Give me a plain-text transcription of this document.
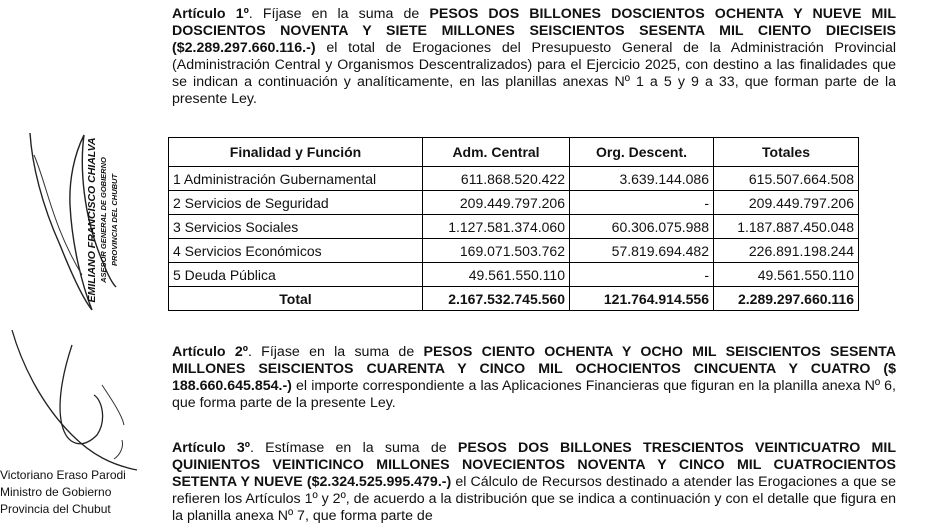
EMILIANO FRANCISCO CHIALVA ASESOR GENERAL DE GOBIERNO PROVINCIA DEL CHUBUT
Victoriano Eraso Parodi
Ministro de Gobierno
Provincia del Chubut
Artículo 1º. Fíjase en la suma de PESOS DOS BILLONES DOSCIENTOS OCHENTA Y NUEVE MIL DOSCIENTOS NOVENTA Y SIETE MILLONES SEISCIENTOS SESENTA MIL CIENTO DIECISEIS ($2.289.297.660.116.-) el total de Erogaciones del Presupuesto General de la Administración Provincial (Administración Central y Organismos Descentralizados) para el Ejercicio 2025, con destino a las finalidades que se indican a continuación y analíticamente, en las planillas anexas Nº 1 a 5 y 9 a 33, que forman parte de la presente Ley.
Finalidad y Función	Adm. Central	Org. Descent.	Totales
1 Administración Gubernamental	611.868.520.422	3.639.144.086	615.507.664.508
2 Servicios de Seguridad	209.449.797.206	-	209.449.797.206
3 Servicios Sociales	1.127.581.374.060	60.306.075.988	1.187.887.450.048
4 Servicios Económicos	169.071.503.762	57.819.694.482	226.891.198.244
5 Deuda Pública	49.561.550.110	-	49.561.550.110
Total	2.167.532.745.560	121.764.914.556	2.289.297.660.116
Artículo 2º. Fíjase en la suma de PESOS CIENTO OCHENTA Y OCHO MIL SEISCIENTOS SESENTA MILLONES SEISCIENTOS CUARENTA Y CINCO MIL OCHOCIENTOS CINCUENTA Y CUATRO ($ 188.660.645.854.-) el importe correspondiente a las Aplicaciones Financieras que figuran en la planilla anexa Nº 6, que forma parte de la presente Ley.
Artículo 3º. Estímase en la suma de PESOS DOS BILLONES TRESCIENTOS VEINTICUATRO MIL QUINIENTOS VEINTICINCO MILLONES NOVECIENTOS NOVENTA Y CINCO MIL CUATROCIENTOS SETENTA Y NUEVE ($2.324.525.995.479.-) el Cálculo de Recursos destinado a atender las Erogaciones a que se refieren los Artículos 1º y 2º, de acuerdo a la distribución que se indica a continuación y con el detalle que figura en la planilla anexa Nº 7, que forma parte de
